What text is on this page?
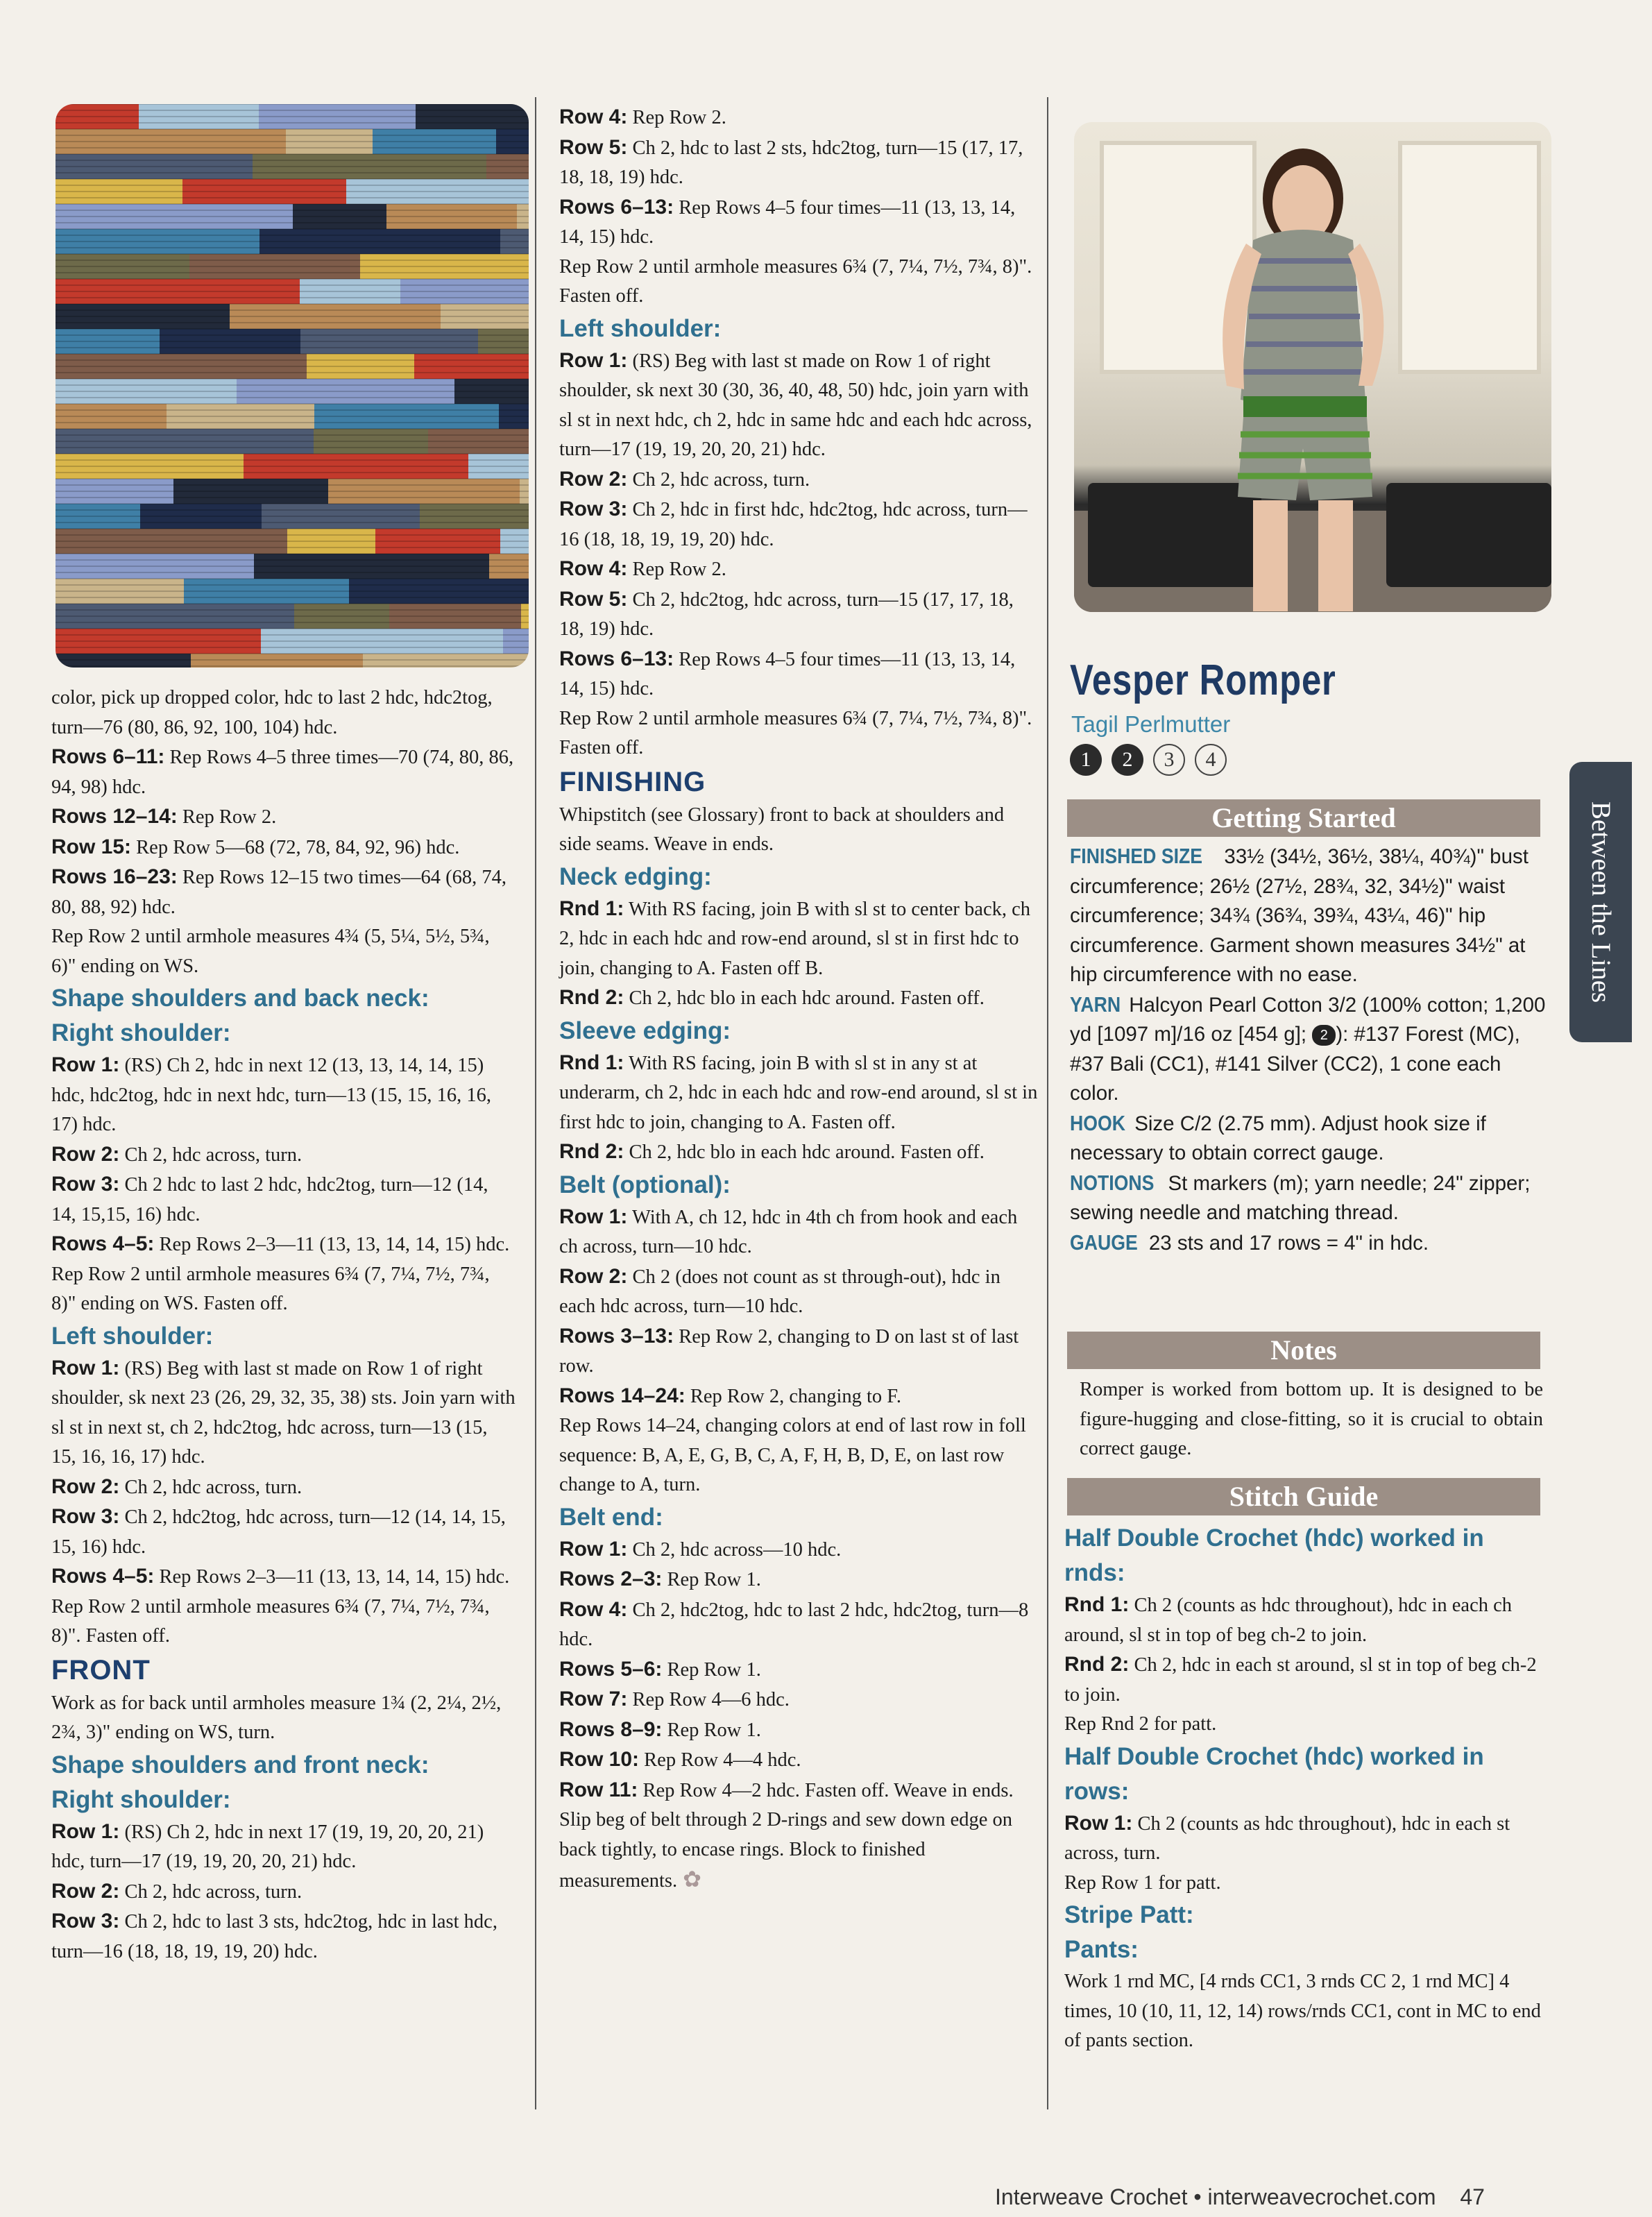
color, pick up dropped color, hdc to last 2 hdc, hdc2tog, turn—76 (80, 86, 92, 100, 104) hdc.

Rows 6–11: Rep Rows 4–5 three times—70 (74, 80, 86, 94, 98) hdc.

Rows 12–14: Rep Row 2.

Row 15: Rep Row 5—68 (72, 78, 84, 92, 96) hdc.

Rows 16–23: Rep Rows 12–15 two times—64 (68, 74, 80, 88, 92) hdc.

Rep Row 2 until armhole measures 4¾ (5, 5¼, 5½, 5¾, 6)" ending on WS.

Shape shoulders and back neck:
Right shoulder:

Row 1: (RS) Ch 2, hdc in next 12 (13, 13, 14, 14, 15) hdc, hdc2tog, hdc in next hdc, turn—13 (15, 15, 16, 16, 17) hdc.

Row 2: Ch 2, hdc across, turn.

Row 3: Ch 2 hdc to last 2 hdc, hdc2tog, turn—12 (14, 14, 15,15, 16) hdc.

Rows 4–5: Rep Rows 2–3—11 (13, 13, 14, 14, 15) hdc.

Rep Row 2 until armhole measures 6¾ (7, 7¼, 7½, 7¾, 8)" ending on WS. Fasten off.

Left shoulder:

Row 1: (RS) Beg with last st made on Row 1 of right shoulder, sk next 23 (26, 29, 32, 35, 38) sts. Join yarn with sl st in next st, ch 2, hdc2tog, hdc across, turn—13 (15, 15, 16, 16, 17) hdc.

Row 2: Ch 2, hdc across, turn.

Row 3: Ch 2, hdc2tog, hdc across, turn—12 (14, 14, 15, 15, 16) hdc.

Rows 4–5: Rep Rows 2–3—11 (13, 13, 14, 14, 15) hdc.

Rep Row 2 until armhole measures 6¾ (7, 7¼, 7½, 7¾, 8)". Fasten off.

FRONT

Work as for back until armholes measure 1¾ (2, 2¼, 2½, 2¾, 3)" ending on WS, turn.

Shape shoulders and front neck:
Right shoulder:

Row 1: (RS) Ch 2, hdc in next 17 (19, 19, 20, 20, 21) hdc, turn—17 (19, 19, 20, 20, 21) hdc.

Row 2: Ch 2, hdc across, turn.

Row 3: Ch 2, hdc to last 3 sts, hdc2tog, hdc in last hdc, turn—16 (18, 18, 19, 19, 20) hdc.

Row 4: Rep Row 2.

Row 5: Ch 2, hdc to last 2 sts, hdc2tog, turn—15 (17, 17, 18, 18, 19) hdc.

Rows 6–13: Rep Rows 4–5 four times—11 (13, 13, 14, 14, 15) hdc.

Rep Row 2 until armhole measures 6¾ (7, 7¼, 7½, 7¾, 8)". Fasten off.

Left shoulder:

Row 1: (RS) Beg with last st made on Row 1 of right shoulder, sk next 30 (30, 36, 40, 48, 50) hdc, join yarn with sl st in next hdc, ch 2, hdc in same hdc and each hdc across, turn—17 (19, 19, 20, 20, 21) hdc.

Row 2: Ch 2, hdc across, turn.

Row 3: Ch 2, hdc in first hdc, hdc2tog, hdc across, turn—16 (18, 18, 19, 19, 20) hdc.

Row 4: Rep Row 2.

Row 5: Ch 2, hdc2tog, hdc across, turn—15 (17, 17, 18, 18, 19) hdc.

Rows 6–13: Rep Rows 4–5 four times—11 (13, 13, 14, 14, 15) hdc.

Rep Row 2 until armhole measures 6¾ (7, 7¼, 7½, 7¾, 8)". Fasten off.

FINISHING

Whipstitch (see Glossary) front to back at shoulders and side seams. Weave in ends.

Neck edging:

Rnd 1: With RS facing, join B with sl st to center back, ch 2, hdc in each hdc and row-end around, sl st in first hdc to join, changing to A. Fasten off B.

Rnd 2: Ch 2, hdc blo in each hdc around. Fasten off.

Sleeve edging:

Rnd 1: With RS facing, join B with sl st in any st at underarm, ch 2, hdc in each hdc and row-end around, sl st in first hdc to join, changing to A. Fasten off.

Rnd 2: Ch 2, hdc blo in each hdc around. Fasten off.

Belt (optional):

Row 1: With A, ch 12, hdc in 4th ch from hook and each ch across, turn—10 hdc.

Row 2: Ch 2 (does not count as st through-out), hdc in each hdc across, turn—10 hdc.

Rows 3–13: Rep Row 2, changing to D on last st of last row.

Rows 14–24: Rep Row 2, changing to F.

Rep Rows 14–24, changing colors at end of last row in foll sequence: B, A, E, G, B, C, A, F, H, B, D, E, on last row change to A, turn.

Belt end:

Row 1: Ch 2, hdc across—10 hdc.

Rows 2–3: Rep Row 1.

Row 4: Ch 2, hdc2tog, hdc to last 2 hdc, hdc2tog, turn—8 hdc.

Rows 5–6: Rep Row 1.

Row 7: Rep Row 4—6 hdc.

Rows 8–9: Rep Row 1.

Row 10: Rep Row 4—4 hdc.

Row 11: Rep Row 4—2 hdc. Fasten off. Weave in ends.

Slip beg of belt through 2 D-rings and sew down edge on back tightly, to encase rings. Block to finished measurements. ✿

Vesper Romper
Tagil Perlmutter
1	2	3	4
Getting Started

FINISHED SIZE 33½ (34½, 36½, 38¼, 40¾)" bust circumference; 26½ (27½, 28¾, 32, 34½)" waist circumference; 34¾ (36¾, 39¾, 43¼, 46)" hip circumference. Garment shown measures 34½" at hip circumference with no ease.

YARN Halcyon Pearl Cotton 3/2 (100% cotton; 1,200 yd [1097 m]/16 oz [454 g]; 2 ): #137 Forest (MC), #37 Bali (CC1), #141 Silver (CC2), 1 cone each color.

HOOK Size C/2 (2.75 mm). Adjust hook size if necessary to obtain correct gauge.

NOTIONS St markers (m); yarn needle; 24" zipper; sewing needle and matching thread.

GAUGE 23 sts and 17 rows = 4" in hdc.

Notes
Romper is worked from bottom up. It is designed to be figure-hugging and close-fitting, so it is crucial to obtain correct gauge.
Stitch Guide
Half Double Crochet (hdc) worked in rnds:

Rnd 1: Ch 2 (counts as hdc throughout), hdc in each ch around, sl st in top of beg ch-2 to join.

Rnd 2: Ch 2, hdc in each st around, sl st in top of beg ch-2 to join.

Rep Rnd 2 for patt.

Half Double Crochet (hdc) worked in rows:

Row 1: Ch 2 (counts as hdc throughout), hdc in each st across, turn.

Rep Row 1 for patt.

Stripe Patt:
Pants:

Work 1 rnd MC, [4 rnds CC1, 3 rnds CC 2, 1 rnd MC] 4 times, 10 (10, 11, 12, 14) rows/rnds CC1, cont in MC to end of pants section.

Between the Lines
Interweave Crochet • interweavecrochet.com 47
